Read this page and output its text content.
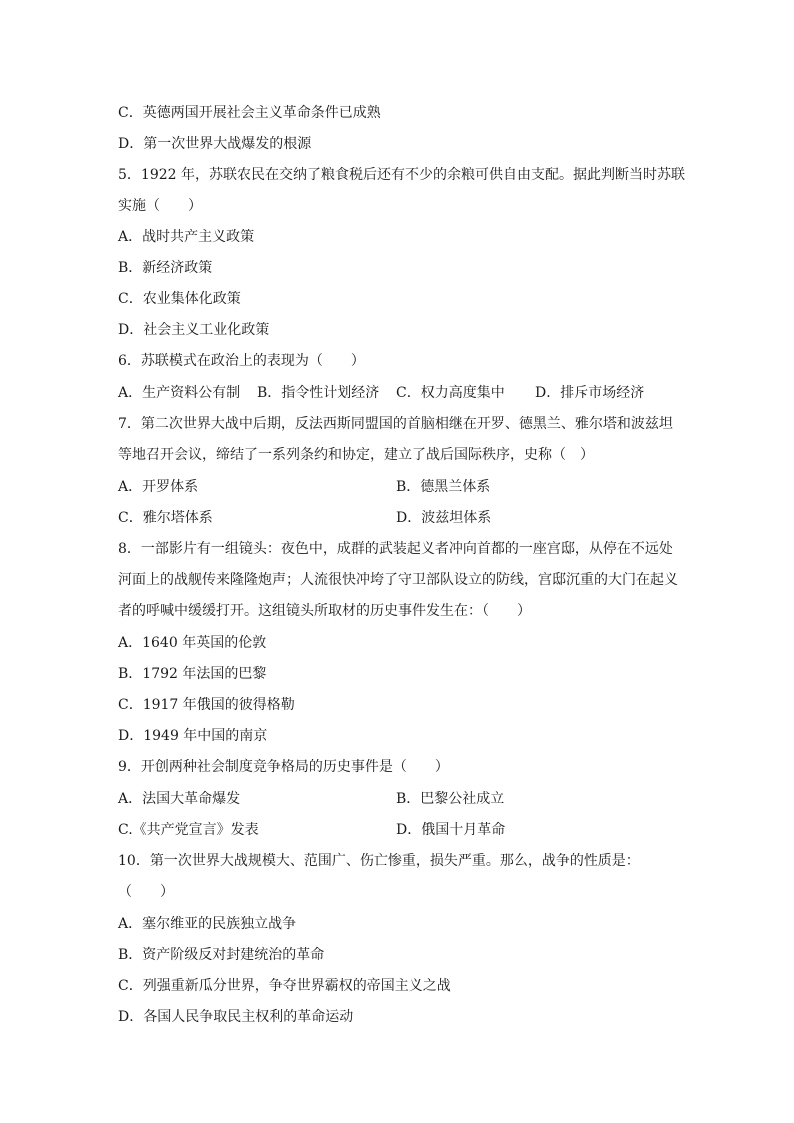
C．英德两国开展社会主义革命条件已成熟
D．第一次世界大战爆发的根源
5．1922 年，苏联农民在交纳了粮食税后还有不少的余粮可供自由支配。据此判断当时苏联
实施（　　）
A．战时共产主义政策
B．新经济政策
C．农业集体化政策
D．社会主义工业化政策
6．苏联模式在政治上的表现为（　　）
A．生产资料公有制 B．指令性计划经济 C．权力高度集中 D．排斥市场经济
7．第二次世界大战中后期，反法西斯同盟国的首脑相继在开罗、德黑兰、雅尔塔和波兹坦
等地召开会议，缔结了一系列条约和协定，建立了战后国际秩序，史称（　）
A．开罗体系	B．德黑兰体系
C．雅尔塔体系	D．波兹坦体系
8．一部影片有一组镜头：夜色中，成群的武装起义者冲向首都的一座宫邸，从停在不远处
河面上的战舰传来隆隆炮声；人流很快冲垮了守卫部队设立的防线，宫邸沉重的大门在起义
者的呼喊中缓缓打开。这组镜头所取材的历史事件发生在：（　　）
A．1640 年英国的伦敦
B．1792 年法国的巴黎
C．1917 年俄国的彼得格勒
D．1949 年中国的南京
9．开创两种社会制度竞争格局的历史事件是（　　）
A．法国大革命爆发	B．巴黎公社成立
C.《共产党宣言》发表	D．俄国十月革命
10．第一次世界大战规模大、范围广、伤亡惨重，损失严重。那么，战争的性质是：
（　　）
A．塞尔维亚的民族独立战争
B．资产阶级反对封建统治的革命
C．列强重新瓜分世界，争夺世界霸权的帝国主义之战
D．各国人民争取民主权利的革命运动
